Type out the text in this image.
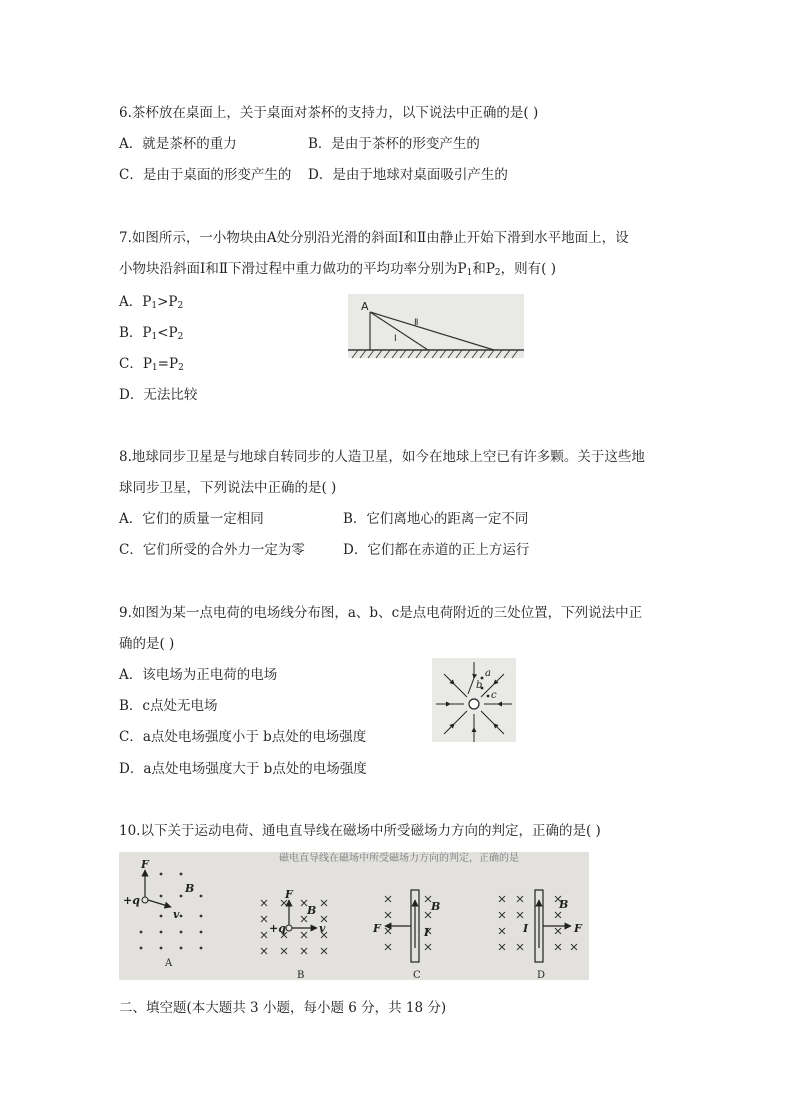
6.茶杯放在桌面上，关于桌面对茶杯的支持力，以下说法中正确的是( )
A．就是茶杯的重力	B．是由于茶杯的形变产生的
C．是由于桌面的形变产生的 D．是由于地球对桌面吸引产生的
7.如图所示，一小物块由A处分别沿光滑的斜面Ⅰ和Ⅱ由静止开始下滑到水平地面上，设
小物块沿斜面Ⅰ和Ⅱ下滑过程中重力做功的平均功率分别为$P_1$和$P_2$，则有( )
A．$P_1>P_2$
B．$P_1<P_2$
C．$P_1=P_2$
D．无法比较
A
Ⅰ
Ⅱ
8.地球同步卫星是与地球自转同步的人造卫星，如今在地球上空已有许多颗。关于这些地
球同步卫星，下列说法中正确的是( )
A．它们的质量一定相同	B．它们离地心的距离一定不同
C．它们所受的合外力一定为零	D．它们都在赤道的正上方运行
9.如图为某一点电荷的电场线分布图，a、b、c是点电荷附近的三处位置，下列说法中正
确的是( )
A．该电场为正电荷的电场
B．c点处无电场
C．a点处电场强度小于 b点处的电场强度
D．a点处电场强度大于 b点处的电场强度
a
b
c
10.以下关于运动电荷、通电直导线在磁场中所受磁场力方向的判定，正确的是( )
磁电直导线在磁场中所受磁场力方向的判定，正确的是
F
+q
v
B
A
F
+q	v
B
B
F	I
B
C
F
I
B
D
二、填空题(本大题共 3 小题，每小题 6 分，共 18 分)
